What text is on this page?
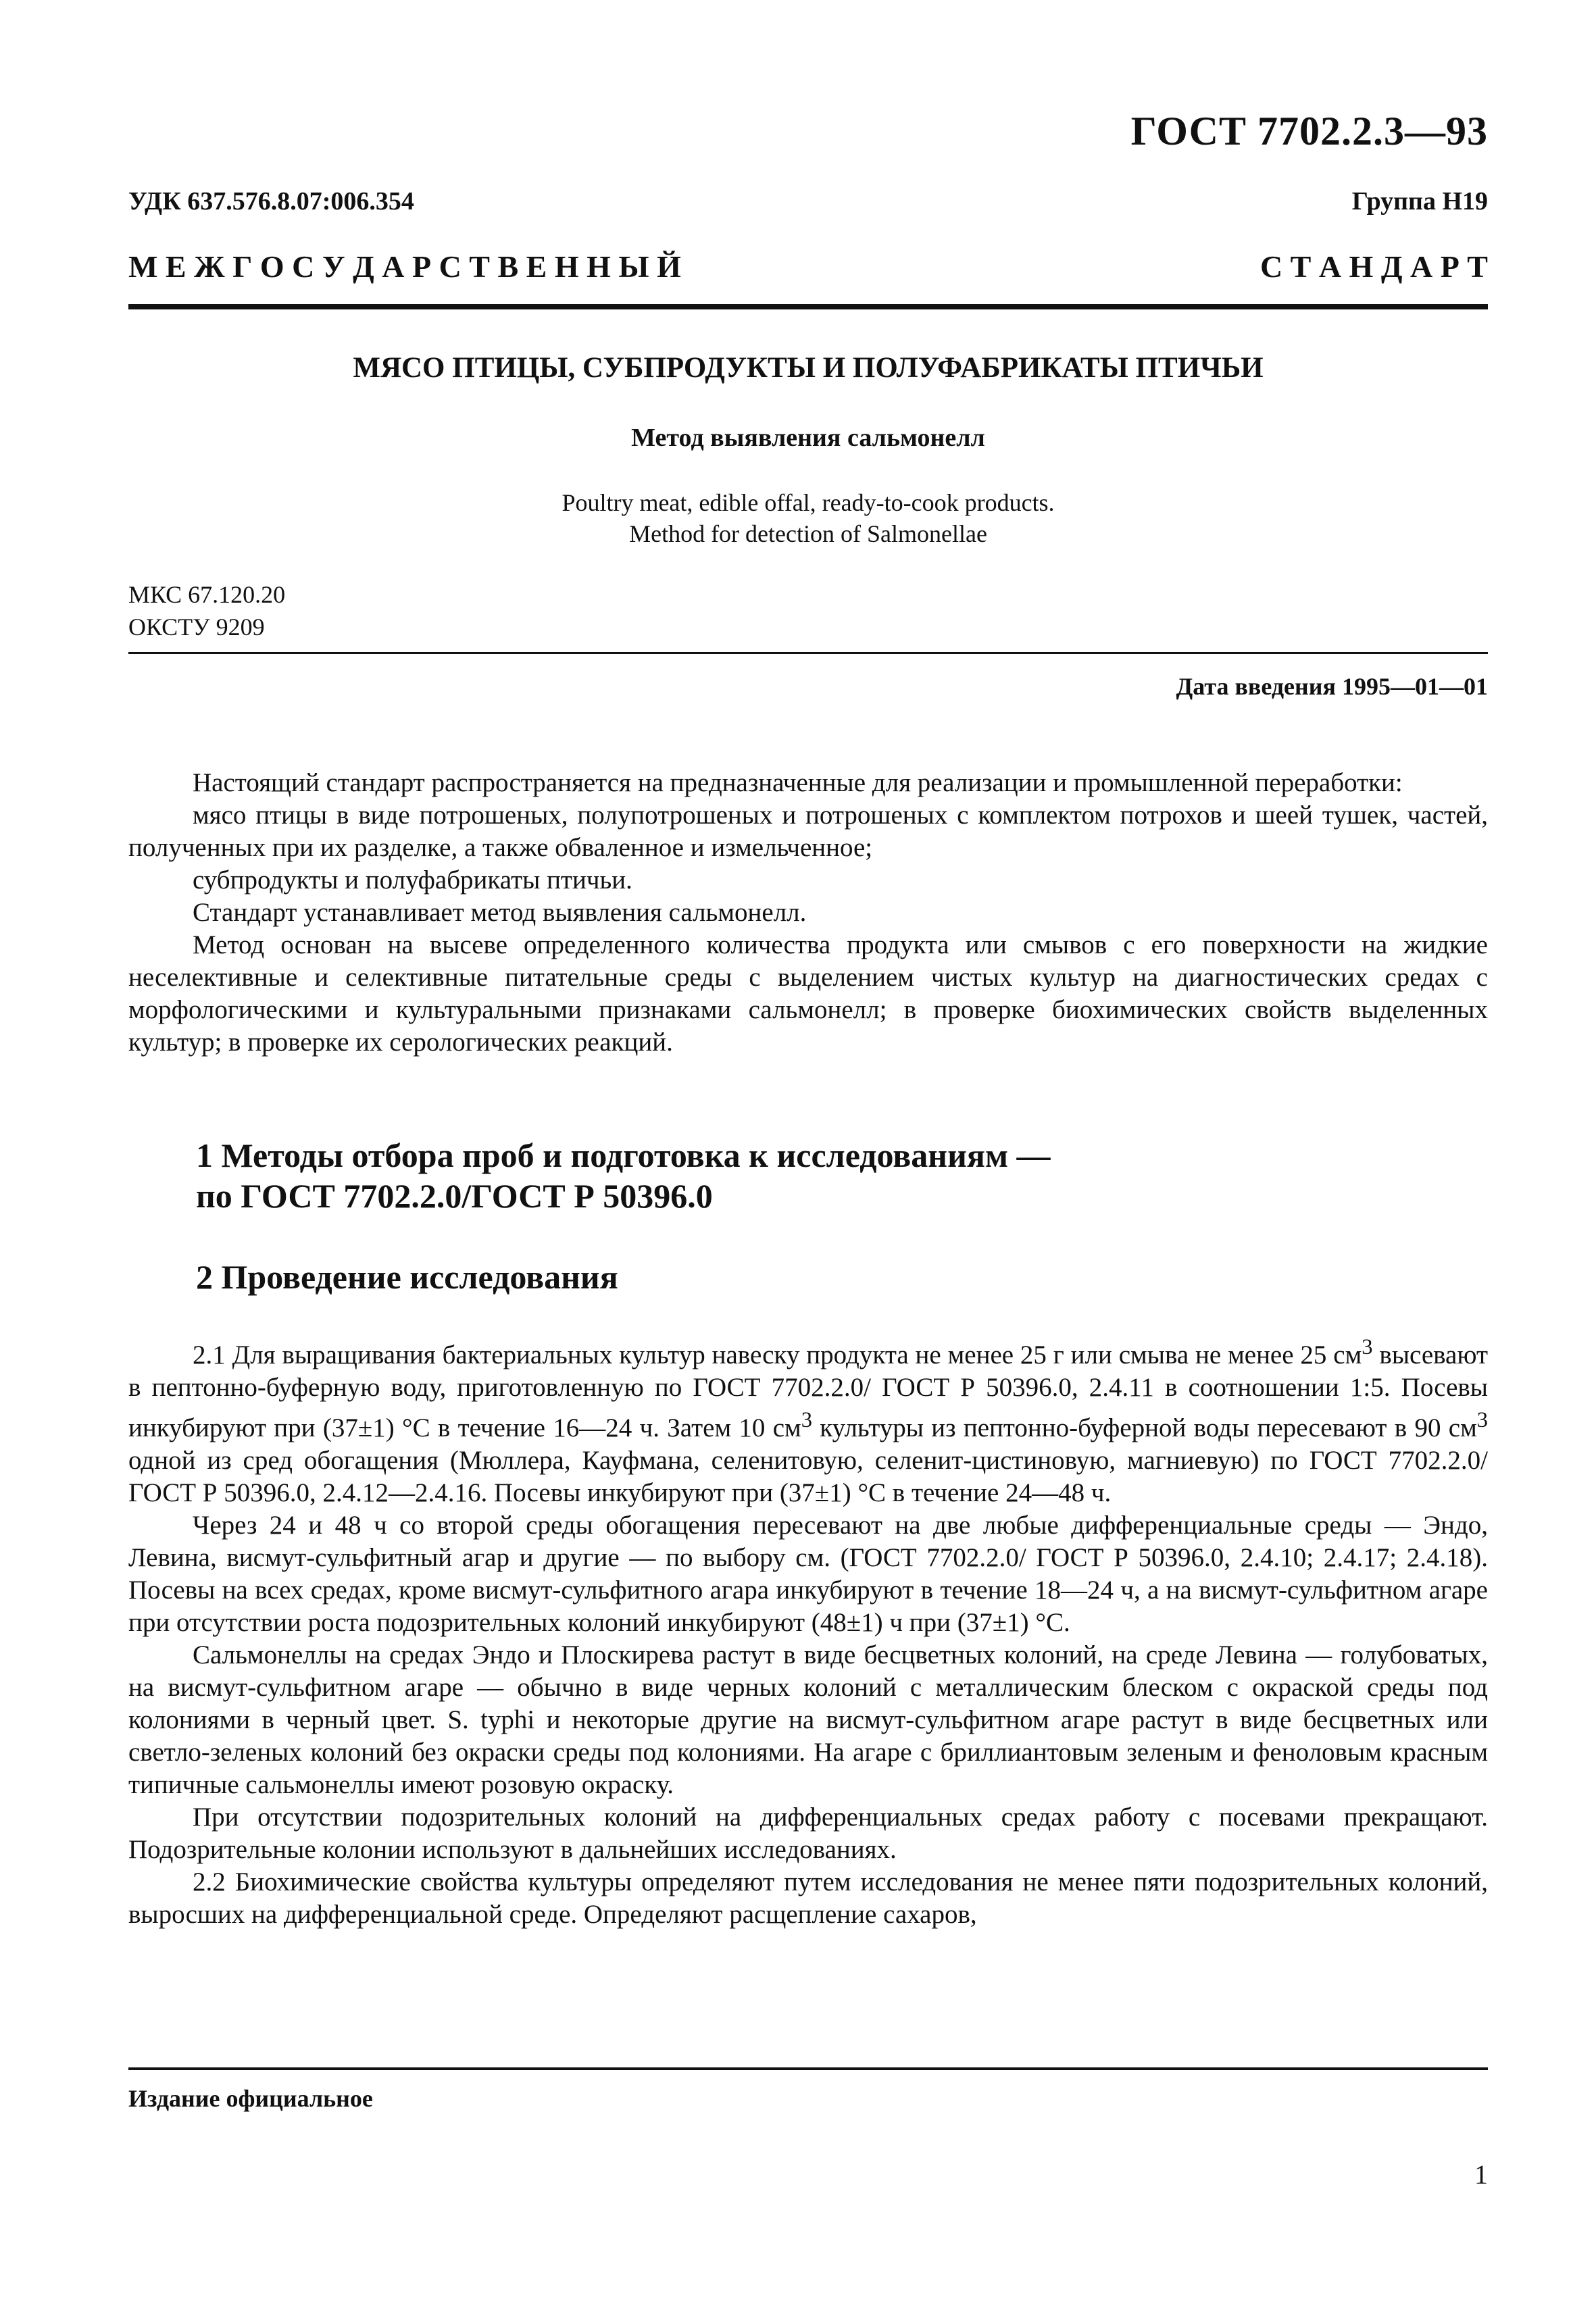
ГОСТ 7702.2.3—93
УДК 637.576.8.07:006.354	Группа Н19
М Е Ж Г О С У Д А Р С Т В Е Н Н Ы Й	С Т А Н Д А Р Т
МЯСО ПТИЦЫ, СУБПРОДУКТЫ И ПОЛУФАБРИКАТЫ ПТИЧЬИ
Метод выявления сальмонелл
Poultry meat, edible offal, ready-to-cook products.
Method for detection of Salmonellae
МКС 67.120.20
ОКСТУ 9209
Дата введения 1995—01—01

Настоящий стандарт распространяется на предназначенные для реализации и промышленной переработки:

мясо птицы в виде потрошеных, полупотрошеных и потрошеных с комплектом потрохов и шеей тушек, частей, полученных при их разделке, а также обваленное и измельченное;

субпродукты и полуфабрикаты птичьи.

Стандарт устанавливает метод выявления сальмонелл.

Метод основан на высеве определенного количества продукта или смывов с его поверхности на жидкие неселективные и селективные питательные среды с выделением чистых культур на диагностических средах с морфологическими и культуральными признаками сальмонелл; в проверке биохимических свойств выделенных культур; в проверке их серологических реакций.

1 Методы отбора проб и подготовка к исследованиям —
по ГОСТ 7702.2.0/ГОСТ Р 50396.0
2 Проведение исследования

2.1 Для выращивания бактериальных культур навеску продукта не менее 25 г или смыва не менее 25 $см^3$ высевают в пептонно-буферную воду, приготовленную по ГОСТ 7702.2.0/ ГОСТ Р 50396.0, 2.4.11 в соотношении 1:5. Посевы инкубируют при (37±1) °С в течение 16—24 ч. Затем 10 $см^3$ культуры из пептонно-буферной воды пересевают в 90 $см^3$ одной из сред обогащения (Мюллера, Кауфмана, селенитовую, селенит-цистиновую, магниевую) по ГОСТ 7702.2.0/ГОСТ Р 50396.0, 2.4.12—2.4.16. Посевы инкубируют при (37±1) °С в течение 24—48 ч.

Через 24 и 48 ч со второй среды обогащения пересевают на две любые дифференциальные среды — Эндо, Левина, висмут-сульфитный агар и другие — по выбору см. (ГОСТ 7702.2.0/ ГОСТ Р 50396.0, 2.4.10; 2.4.17; 2.4.18). Посевы на всех средах, кроме висмут-сульфитного агара инкубируют в течение 18—24 ч, а на висмут-сульфитном агаре при отсутствии роста подозрительных колоний инкубируют (48±1) ч при (37±1) °С.

Сальмонеллы на средах Эндо и Плоскирева растут в виде бесцветных колоний, на среде Левина — голубоватых, на висмут-сульфитном агаре — обычно в виде черных колоний с металлическим блеском с окраской среды под колониями в черный цвет. S. typhi и некоторые другие на висмут-сульфитном агаре растут в виде бесцветных или светло-зеленых колоний без окраски среды под колониями. На агаре с бриллиантовым зеленым и феноловым красным типичные сальмонеллы имеют розовую окраску.

При отсутствии подозрительных колоний на дифференциальных средах работу с посевами прекращают. Подозрительные колонии используют в дальнейших исследованиях.

2.2 Биохимические свойства культуры определяют путем исследования не менее пяти подозрительных колоний, выросших на дифференциальной среде. Определяют расщепление сахаров,

Издание официальное
1
